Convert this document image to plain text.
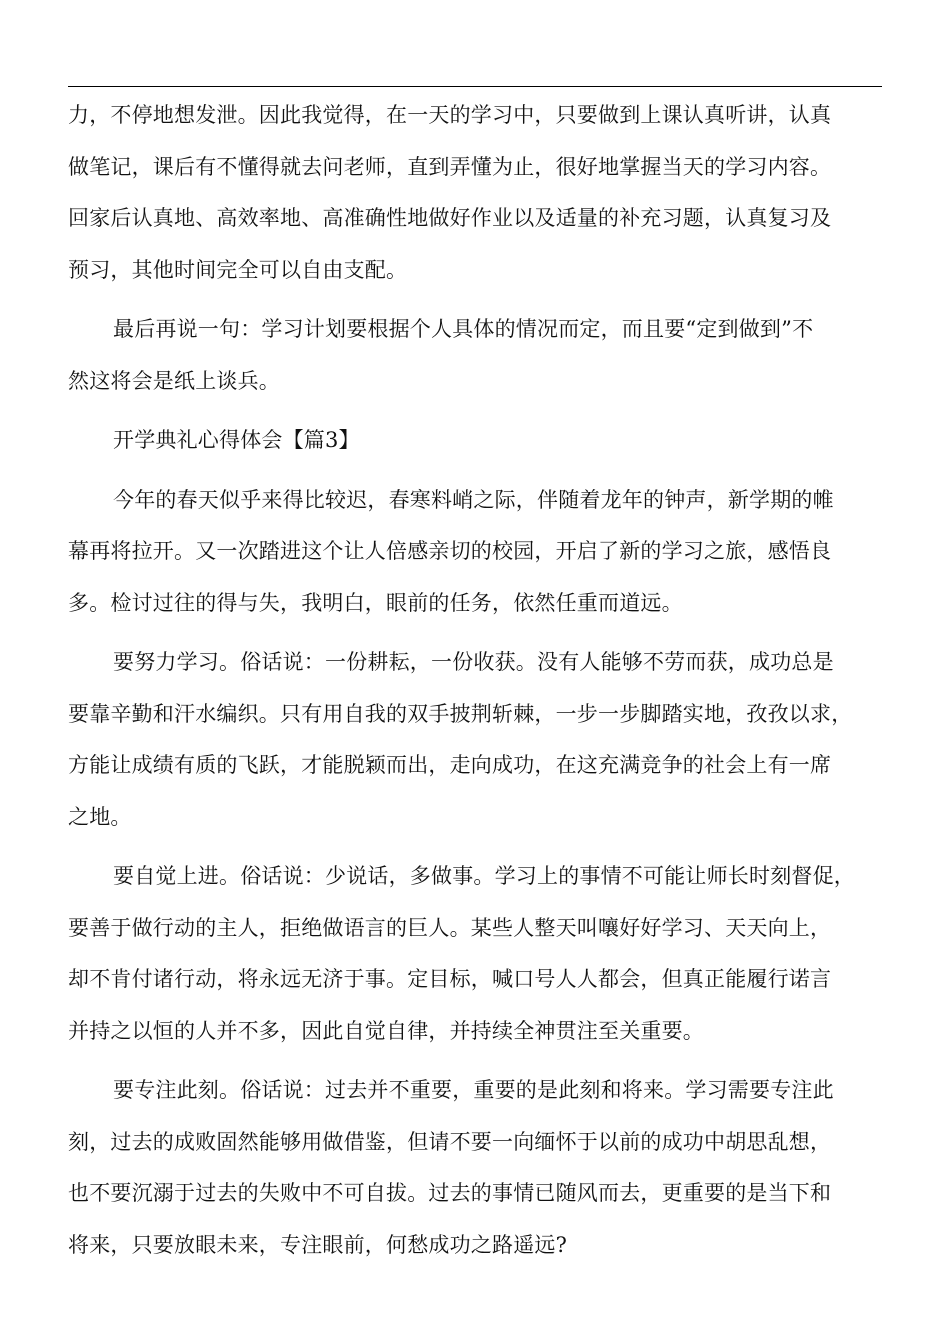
力，不停地想发泄。因此我觉得，在一天的学习中，只要做到上课认真听讲，认真
做笔记，课后有不懂得就去问老师，直到弄懂为止，很好地掌握当天的学习内容。
回家后认真地、高效率地、高准确性地做好作业以及适量的补充习题，认真复习及
预习，其他时间完全可以自由支配。

最后再说一句：学习计划要根据个人具体的情况而定，而且要“定到做到”不
然这将会是纸上谈兵。

开学典礼心得体会【篇3】

今年的春天似乎来得比较迟，春寒料峭之际，伴随着龙年的钟声，新学期的帷
幕再将拉开。又一次踏进这个让人倍感亲切的校园，开启了新的学习之旅，感悟良
多。检讨过往的得与失，我明白，眼前的任务，依然任重而道远。

要努力学习。俗话说：一份耕耘，一份收获。没有人能够不劳而获，成功总是
要靠辛勤和汗水编织。只有用自我的双手披荆斩棘，一步一步脚踏实地，孜孜以求，
方能让成绩有质的飞跃，才能脱颖而出，走向成功，在这充满竞争的社会上有一席
之地。

要自觉上进。俗话说：少说话，多做事。学习上的事情不可能让师长时刻督促，
要善于做行动的主人，拒绝做语言的巨人。某些人整天叫嚷好好学习、天天向上，
却不肯付诸行动，将永远无济于事。定目标，喊口号人人都会，但真正能履行诺言
并持之以恒的人并不多，因此自觉自律，并持续全神贯注至关重要。

要专注此刻。俗话说：过去并不重要，重要的是此刻和将来。学习需要专注此
刻，过去的成败固然能够用做借鉴，但请不要一向缅怀于以前的成功中胡思乱想，
也不要沉溺于过去的失败中不可自拔。过去的事情已随风而去，更重要的是当下和
将来，只要放眼未来，专注眼前，何愁成功之路遥远?
